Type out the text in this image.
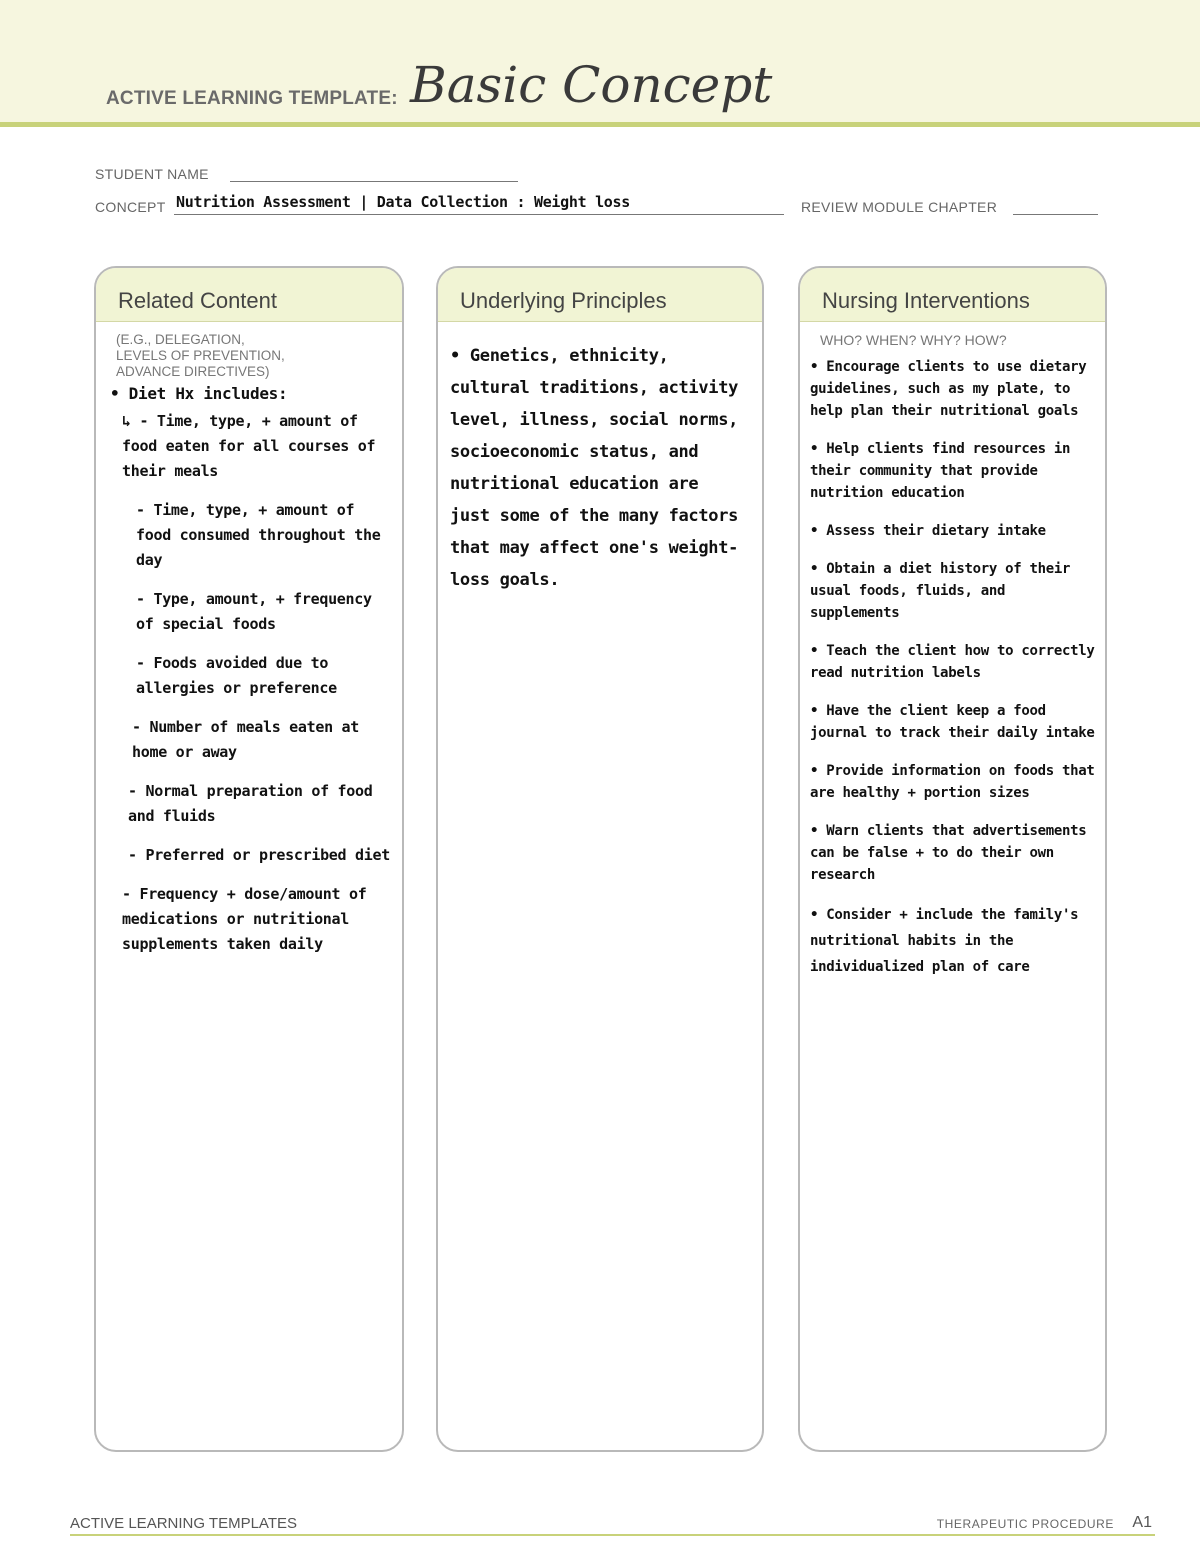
ACTIVE LEARNING TEMPLATE: Basic Concept
STUDENT NAME
CONCEPT Nutrition Assessment | Data Collection : Weight loss	REVIEW MODULE CHAPTER
Related Content
(E.G., DELEGATION,
LEVELS OF PREVENTION,
ADVANCE DIRECTIVES)
• Diet Hx includes:
↳ - Time, type, + amount of food eaten for all courses of their meals
- Time, type, + amount of food consumed throughout the day
- Type, amount, + frequency of special foods
- Foods avoided due to allergies or preference
- Number of meals eaten at home or away
- Normal preparation of food and fluids
- Preferred or prescribed diet
- Frequency + dose/amount of medications or nutritional supplements taken daily
Underlying Principles
• Genetics, ethnicity, cultural traditions, activity level, illness, social norms, socioeconomic status, and nutritional education are just some of the many factors that may affect one's weight-loss goals.
Nursing Interventions
WHO? WHEN? WHY? HOW?
• Encourage clients to use dietary guidelines, such as my plate, to help plan their nutritional goals
• Help clients find resources in their community that provide nutrition education
• Assess their dietary intake
• Obtain a diet history of their usual foods, fluids, and supplements
• Teach the client how to correctly read nutrition labels
• Have the client keep a food journal to track their daily intake
• Provide information on foods that are healthy + portion sizes
• Warn clients that advertisements can be false + to do their own research
• Consider + include the family's nutritional habits in the individualized plan of care
ACTIVE LEARNING TEMPLATES	THERAPEUTIC PROCEDURE A1
